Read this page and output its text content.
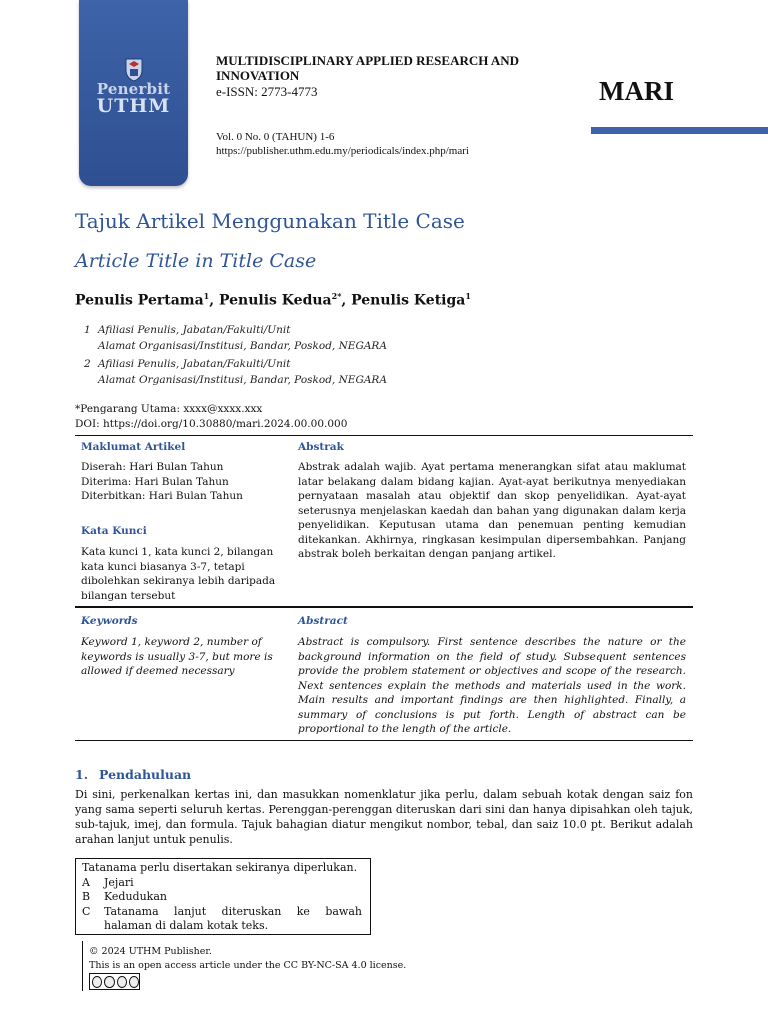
Penerbit
UTHM
MULTIDISCIPLINARY APPLIED RESEARCH AND INNOVATION
e-ISSN: 2773-4773
Vol. 0 No. 0 (TAHUN) 1-6
https://publisher.uthm.edu.my/periodicals/index.php/mari
MARI
Tajuk Artikel Menggunakan Title Case
Article Title in Title Case
Penulis Pertama$^1$, Penulis Kedua$^{2*}$, Penulis Ketiga$^1$
1 Afiliasi Penulis, Jabatan/Fakulti/Unit
Alamat Organisasi/Institusi, Bandar, Poskod, NEGARA
2 Afiliasi Penulis, Jabatan/Fakulti/Unit
Alamat Organisasi/Institusi, Bandar, Poskod, NEGARA
*Pengarang Utama: xxxx@xxxx.xxx
DOI: https://doi.org/10.30880/mari.2024.00.00.000
Maklumat Artikel
Diserah: Hari Bulan Tahun
Diterima: Hari Bulan Tahun
Diterbitkan: Hari Bulan Tahun
Kata Kunci
Kata kunci 1, kata kunci 2, bilangan kata kunci biasanya 3-7, tetapi dibolehkan sekiranya lebih daripada bilangan tersebut
Abstrak
Abstrak adalah wajib. Ayat pertama menerangkan sifat atau maklumat latar belakang dalam bidang kajian. Ayat-ayat berikutnya menyediakan pernyataan masalah atau objektif dan skop penyelidikan. Ayat-ayat seterusnya menjelaskan kaedah dan bahan yang digunakan dalam kerja penyelidikan. Keputusan utama dan penemuan penting kemudian ditekankan. Akhirnya, ringkasan kesimpulan dipersembahkan. Panjang abstrak boleh berkaitan dengan panjang artikel.
Keywords
Keyword 1, keyword 2, number of keywords is usually 3-7, but more is allowed if deemed necessary
Abstract
Abstract is compulsory. First sentence describes the nature or the background information on the field of study. Subsequent sentences provide the problem statement or objectives and scope of the research. Next sentences explain the methods and materials used in the work. Main results and important findings are then highlighted. Finally, a summary of conclusions is put forth. Length of abstract can be proportional to the length of the article.
1. Pendahuluan
Di sini, perkenalkan kertas ini, dan masukkan nomenklatur jika perlu, dalam sebuah kotak dengan saiz fon yang sama seperti seluruh kertas. Perenggan-perenggan diteruskan dari sini dan hanya dipisahkan oleh tajuk, sub-tajuk, imej, dan formula. Tajuk bahagian diatur mengikut nombor, tebal, dan saiz 10.0 pt. Berikut adalah arahan lanjut untuk penulis.
Tatanama perlu disertakan sekiranya diperlukan.
A	Jejari
B	Kedudukan
C	Tatanama lanjut diteruskan ke bawah halaman di dalam kotak teks.
© 2024 UTHM Publisher.
This is an open access article under the CC BY-NC-SA 4.0 license.
